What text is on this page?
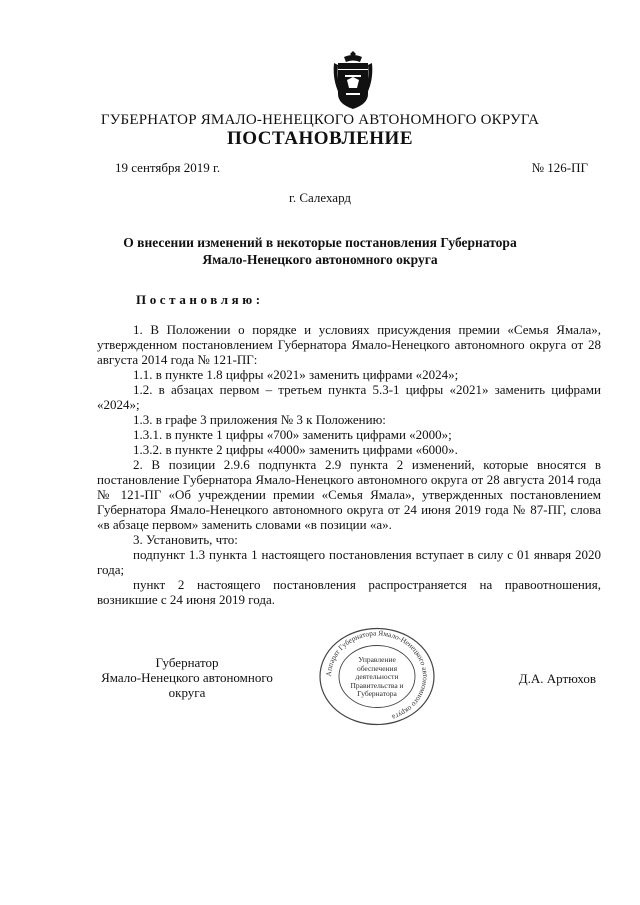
ГУБЕРНАТОР ЯМАЛО-НЕНЕЦКОГО АВТОНОМНОГО ОКРУГА
ПОСТАНОВЛЕНИЕ
19 сентября 2019 г.	№ 126-ПГ
г. Салехард
О внесении изменений в некоторые постановления Губернатора
Ямало-Ненецкого автономного округа
Постановляю:

1. В Положении о порядке и условиях присуждения премии «Семья Ямала», утвержденном постановлением Губернатора Ямало-Ненецкого автономного округа от 28 августа 2014 года № 121-ПГ:

1.1. в пункте 1.8 цифры «2021» заменить цифрами «2024»;

1.2. в абзацах первом – третьем пункта 5.3-1 цифры «2021» заменить цифрами «2024»;

1.3. в графе 3 приложения № 3 к Положению:

1.3.1. в пункте 1 цифры «700» заменить цифрами «2000»;

1.3.2. в пункте 2 цифры «4000» заменить цифрами «6000».

2. В позиции 2.9.6 подпункта 2.9 пункта 2 изменений, которые вносятся в постановление Губернатора Ямало-Ненецкого автономного округа от 28 августа 2014 года № 121-ПГ «Об учреждении премии «Семья Ямала», утвержденных постановлением Губернатора Ямало-Ненецкого автономного округа от 24 июня 2019 года № 87-ПГ, слова «в абзаце первом» заменить словами «в позиции «а».

3. Установить, что:

подпункт 1.3 пункта 1 настоящего постановления вступает в силу с 01 января 2020 года;

пункт 2 настоящего постановления распространяется на правоотношения, возникшие с 24 июня 2019 года.

Губернатор
Ямало-Ненецкого автономного округа
Аппарат Губернатора Ямало-Ненецкого автономного округа
Управление обеспечения деятельности Правительства и Губернатора
Д.А. Артюхов
